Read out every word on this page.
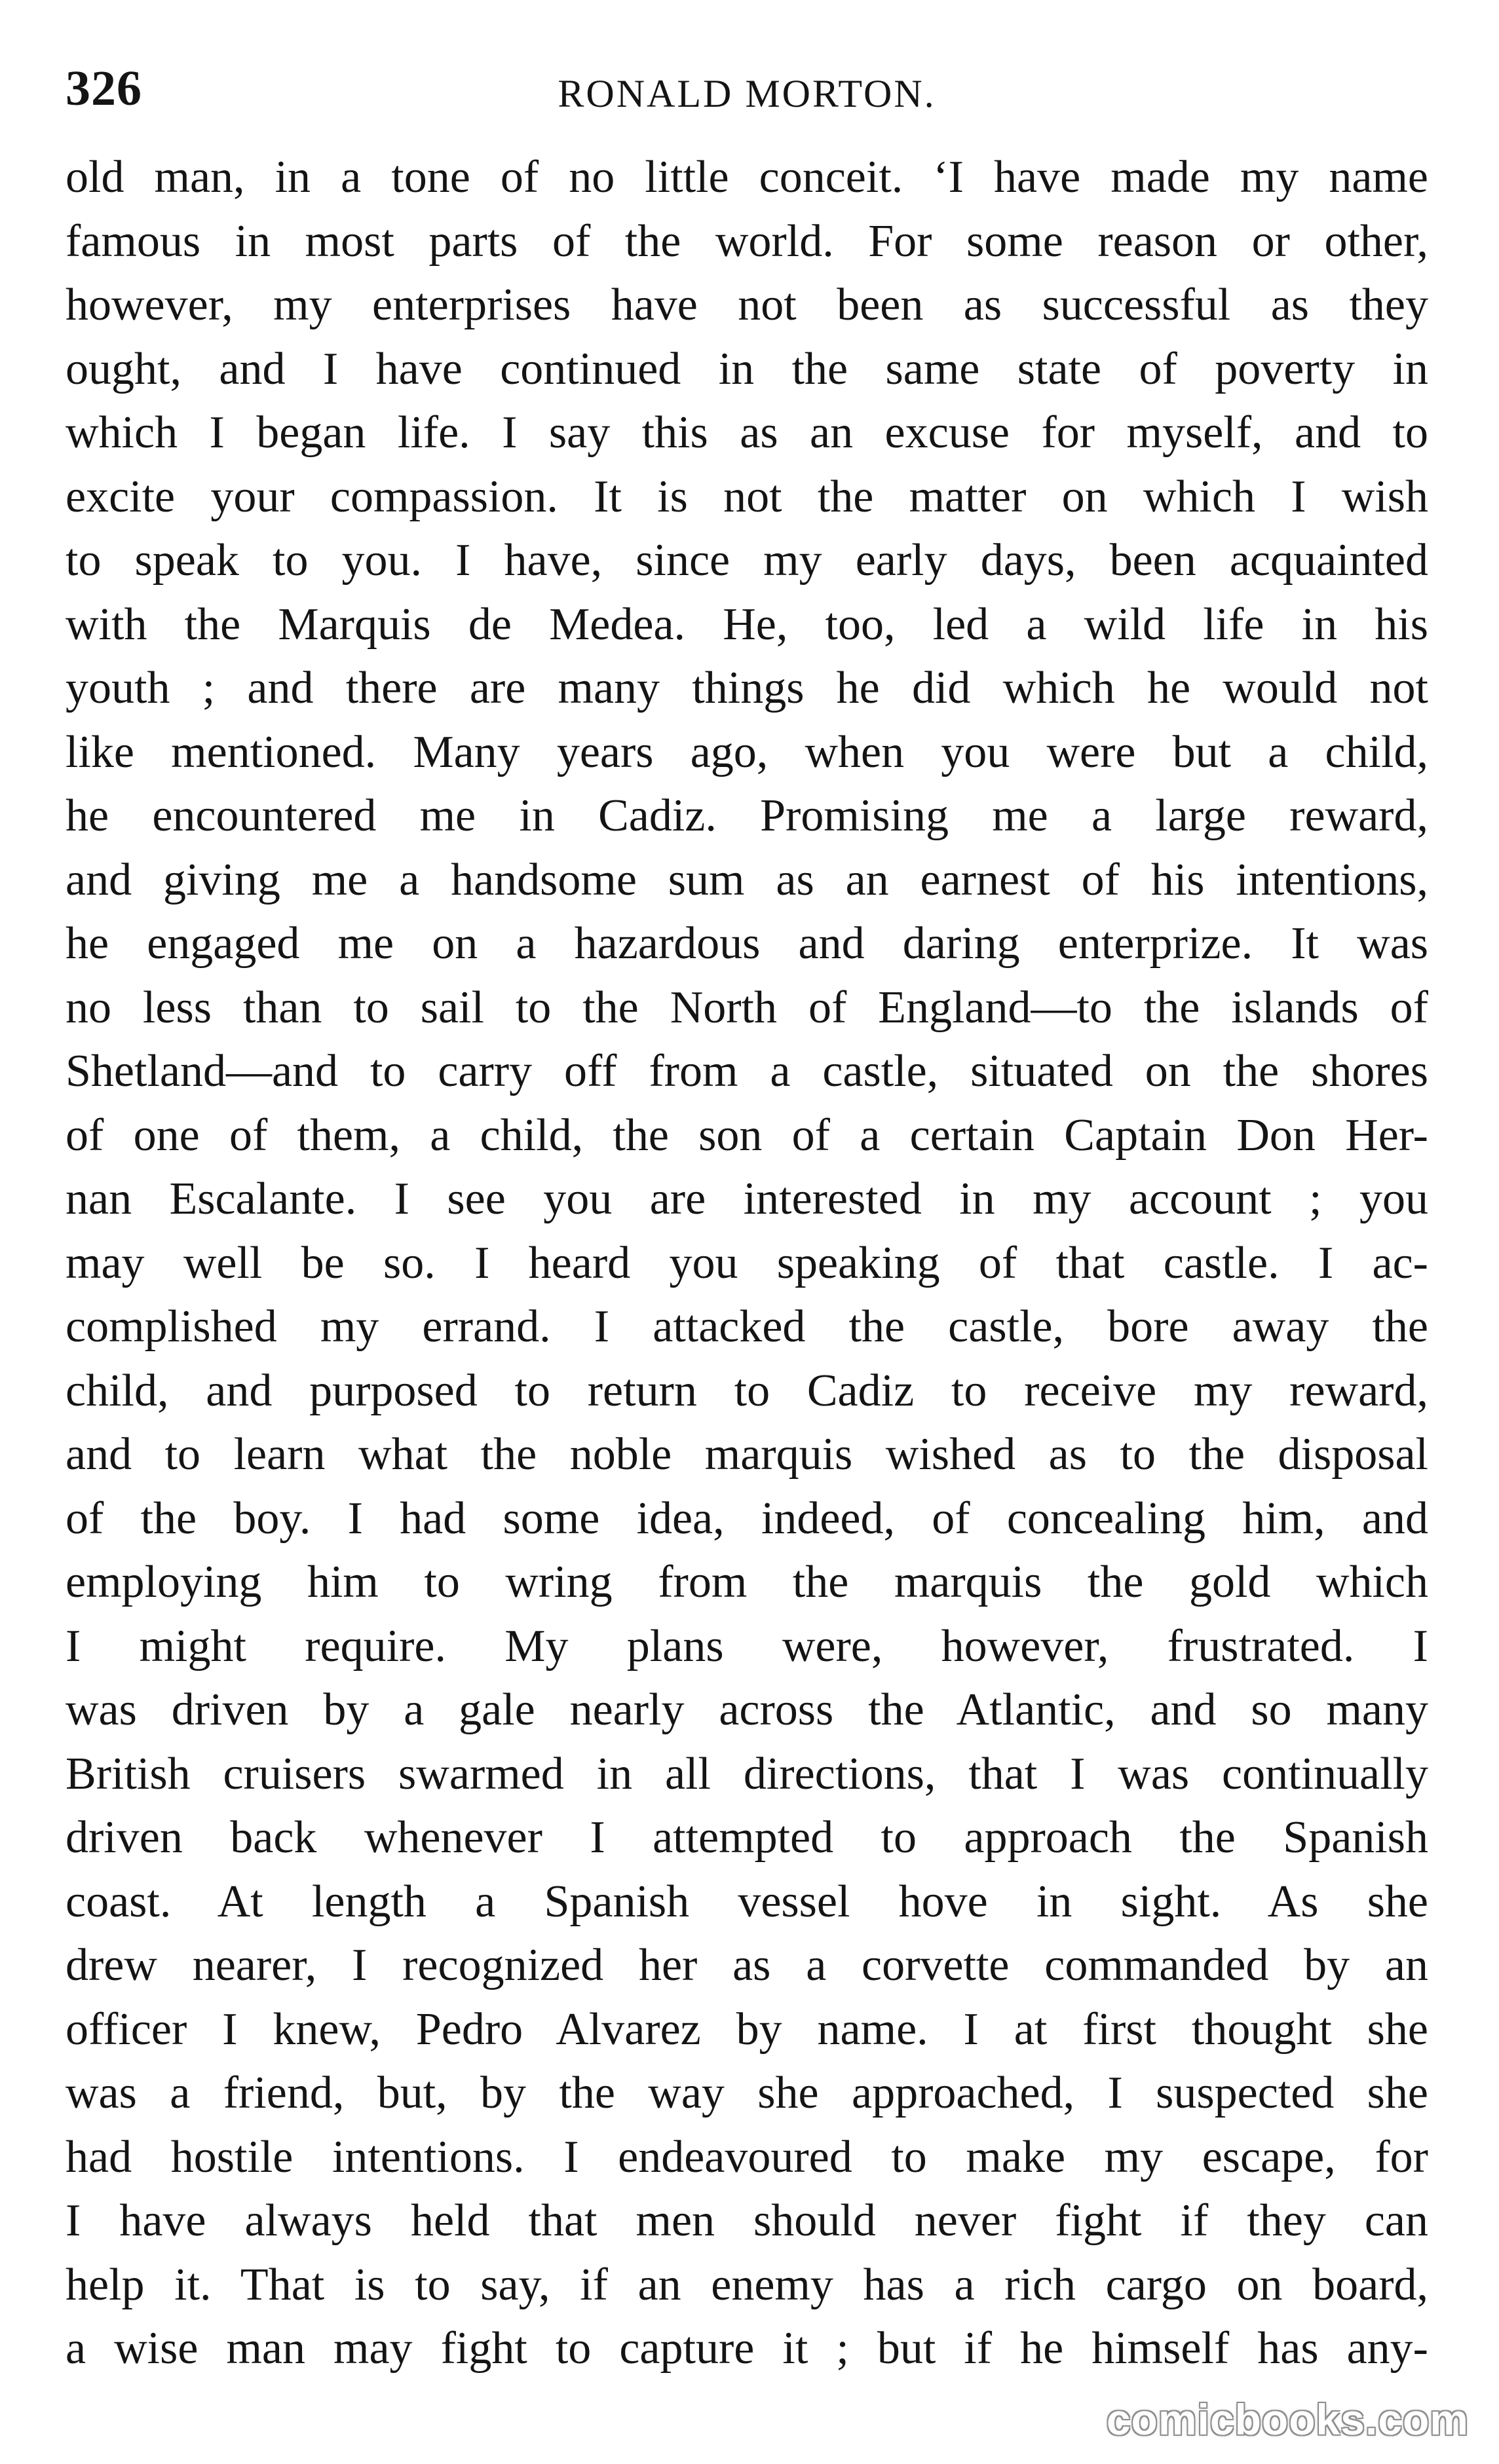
326	RONALD MORTON.
old man, in a tone of no little conceit. ‘I have made my name
famous in most parts of the world. For some reason or other,
however, my enterprises have not been as successful as they
ought, and I have continued in the same state of poverty in
which I began life. I say this as an excuse for myself, and to
excite your compassion. It is not the matter on which I wish
to speak to you. I have, since my early days, been acquainted
with the Marquis de Medea. He, too, led a wild life in his
youth ; and there are many things he did which he would not
like mentioned. Many years ago, when you were but a child,
he encountered me in Cadiz. Promising me a large reward,
and giving me a handsome sum as an earnest of his intentions,
he engaged me on a hazardous and daring enterprize. It was
no less than to sail to the North of England—to the islands of
Shetland—and to carry off from a castle, situated on the shores
of one of them, a child, the son of a certain Captain Don Her-
nan Escalante. I see you are interested in my account ; you
may well be so. I heard you speaking of that castle. I ac-
complished my errand. I attacked the castle, bore away the
child, and purposed to return to Cadiz to receive my reward,
and to learn what the noble marquis wished as to the disposal
of the boy. I had some idea, indeed, of concealing him, and
employing him to wring from the marquis the gold which
I might require. My plans were, however, frustrated. I
was driven by a gale nearly across the Atlantic, and so many
British cruisers swarmed in all directions, that I was continually
driven back whenever I attempted to approach the Spanish
coast. At length a Spanish vessel hove in sight. As she
drew nearer, I recognized her as a corvette commanded by an
officer I knew, Pedro Alvarez by name. I at first thought she
was a friend, but, by the way she approached, I suspected she
had hostile intentions. I endeavoured to make my escape, for
I have always held that men should never fight if they can
help it. That is to say, if an enemy has a rich cargo on board,
a wise man may fight to capture it ; but if he himself has any-
comicbooks.com
